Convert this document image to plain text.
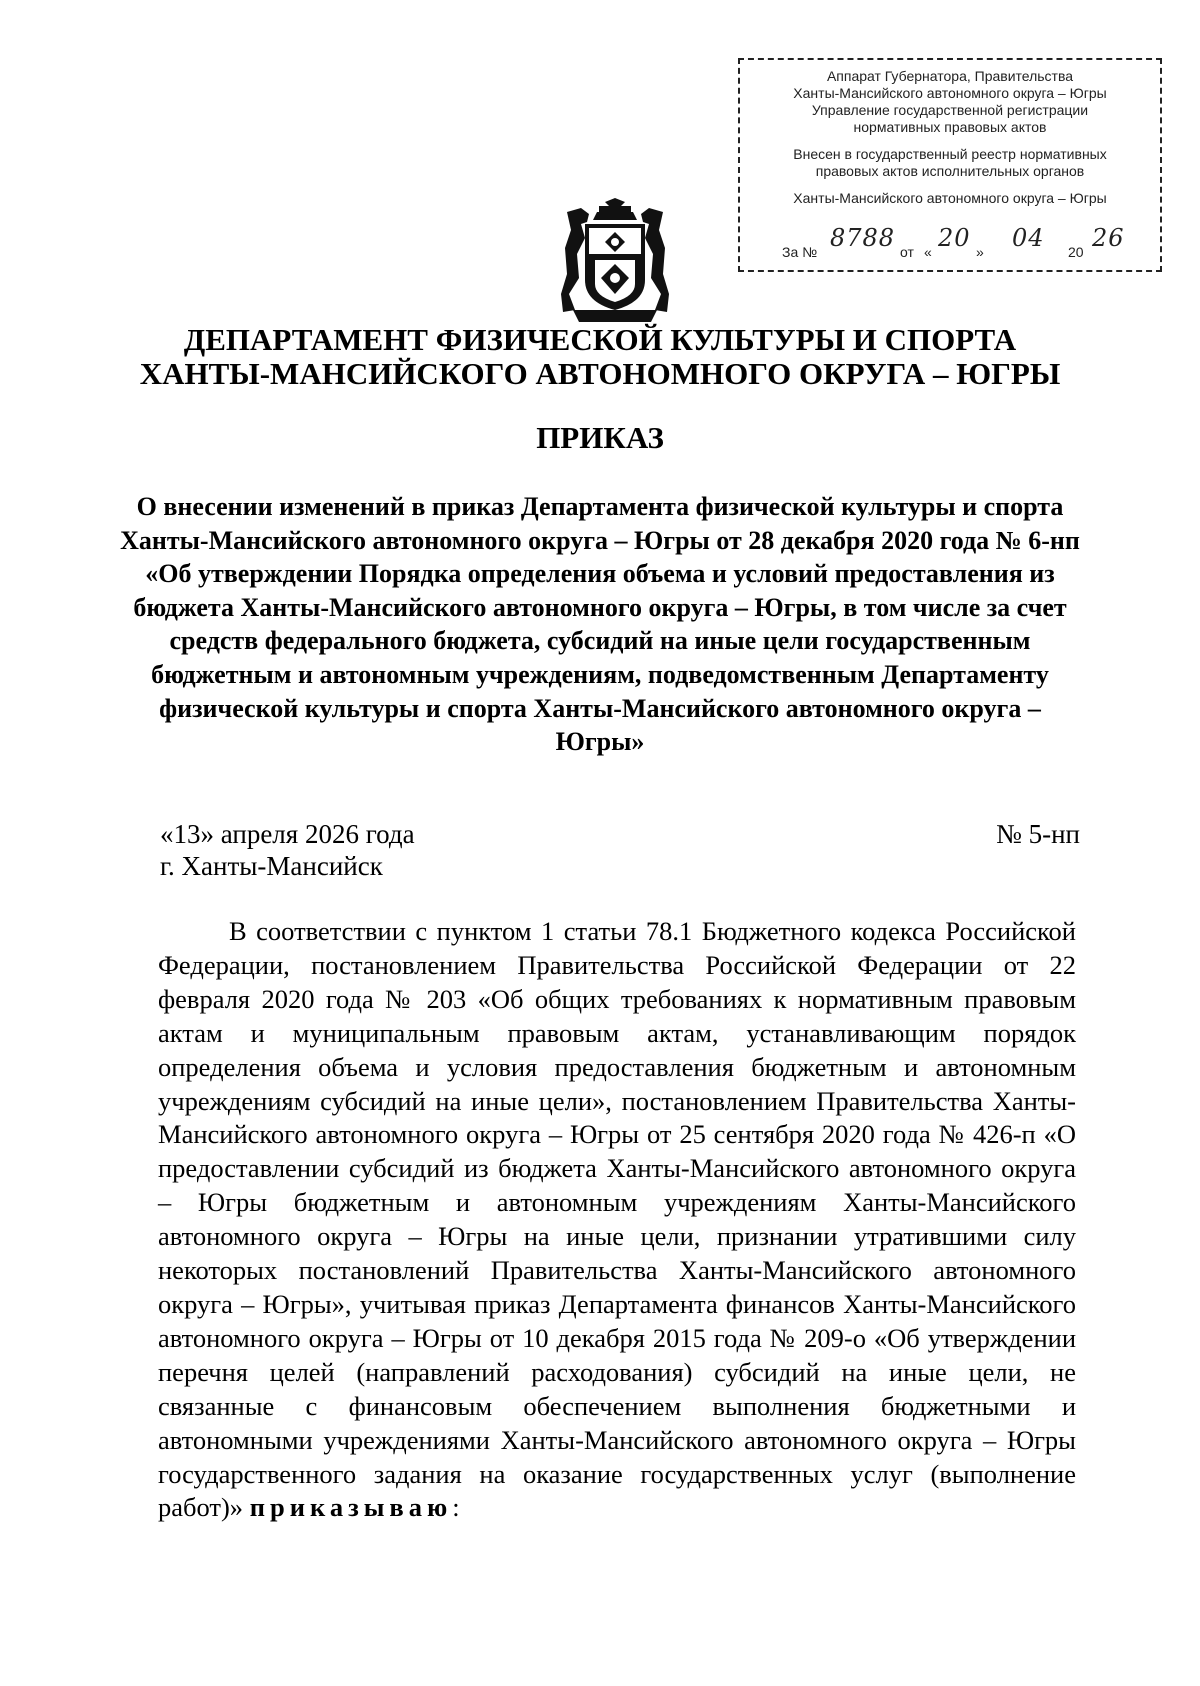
Аппарат Губернатора, Правительства
Ханты-Мансийского автономного округа – Югры
Управление государственной регистрации
нормативных правовых актов
Внесен в государственный реестр нормативных
правовых актов исполнительных органов
Ханты-Мансийского автономного округа – Югры
За № 8788 от « 20 » 04 20 26
ДЕПАРТАМЕНТ ФИЗИЧЕСКОЙ КУЛЬТУРЫ И СПОРТА
ХАНТЫ-МАНСИЙСКОГО АВТОНОМНОГО ОКРУГА – ЮГРЫ
ПРИКАЗ
О внесении изменений в приказ Департамента физической культуры и спорта Ханты-Мансийского автономного округа – Югры от 28 декабря 2020 года № 6-нп «Об утверждении Порядка определения объема и условий предоставления из бюджета Ханты-Мансийского автономного округа – Югры, в том числе за счет средств федерального бюджета, субсидий на иные цели государственным бюджетным и автономным учреждениям, подведомственным Департаменту физической культуры и спорта Ханты-Мансийского автономного округа – Югры»
«13» апреля 2026 года
г. Ханты-Мансийск
№ 5-нп
В соответствии с пунктом 1 статьи 78.1 Бюджетного кодекса Российской Федерации, постановлением Правительства Российской Федерации от 22 февраля 2020 года № 203 «Об общих требованиях к нормативным правовым актам и муниципальным правовым актам, устанавливающим порядок определения объема и условия предоставления бюджетным и автономным учреждениям субсидий на иные цели», постановлением Правительства Ханты-Мансийского автономного округа – Югры от 25 сентября 2020 года № 426-п «О предоставлении субсидий из бюджета Ханты-Мансийского автономного округа – Югры бюджетным и автономным учреждениям Ханты-Мансийского автономного округа – Югры на иные цели, признании утратившими силу некоторых постановлений Правительства Ханты-Мансийского автономного округа – Югры», учитывая приказ Департамента финансов Ханты-Мансийского автономного округа – Югры от 10 декабря 2015 года № 209-о «Об утверждении перечня целей (направлений расходования) субсидий на иные цели, не связанные с финансовым обеспечением выполнения бюджетными и автономными учреждениями Ханты-Мансийского автономного округа – Югры государственного задания на оказание государственных услуг (выполнение работ)» приказываю:
